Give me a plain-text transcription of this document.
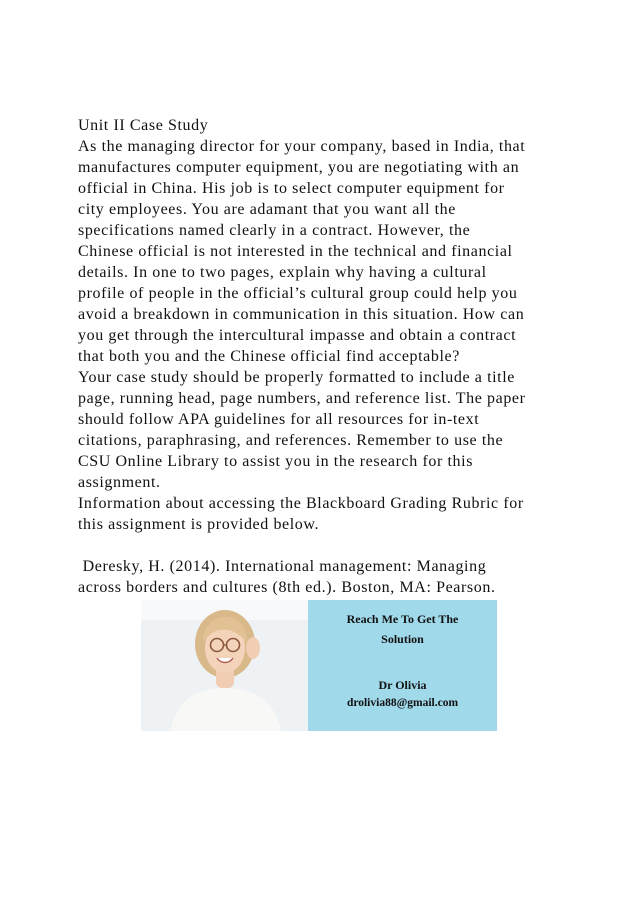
Unit II Case Study
As the managing director for your company, based in India, that
manufactures computer equipment, you are negotiating with an
official in China. His job is to select computer equipment for
city employees. You are adamant that you want all the
specifications named clearly in a contract. However, the
Chinese official is not interested in the technical and financial
details. In one to two pages, explain why having a cultural
profile of people in the official’s cultural group could help you
avoid a breakdown in communication in this situation. How can
you get through the intercultural impasse and obtain a contract
that both you and the Chinese official find acceptable?
Your case study should be properly formatted to include a title
page, running head, page numbers, and reference list. The paper
should follow APA guidelines for all resources for in-text
citations, paraphrasing, and references. Remember to use the
CSU Online Library to assist you in the research for this
assignment.
Information about accessing the Blackboard Grading Rubric for
this assignment is provided below.
Deresky, H. (2014). International management: Managing
across borders and cultures (8th ed.). Boston, MA: Pearson.
Reach Me To Get The
Solution
Dr Olivia
drolivia88@gmail.com
